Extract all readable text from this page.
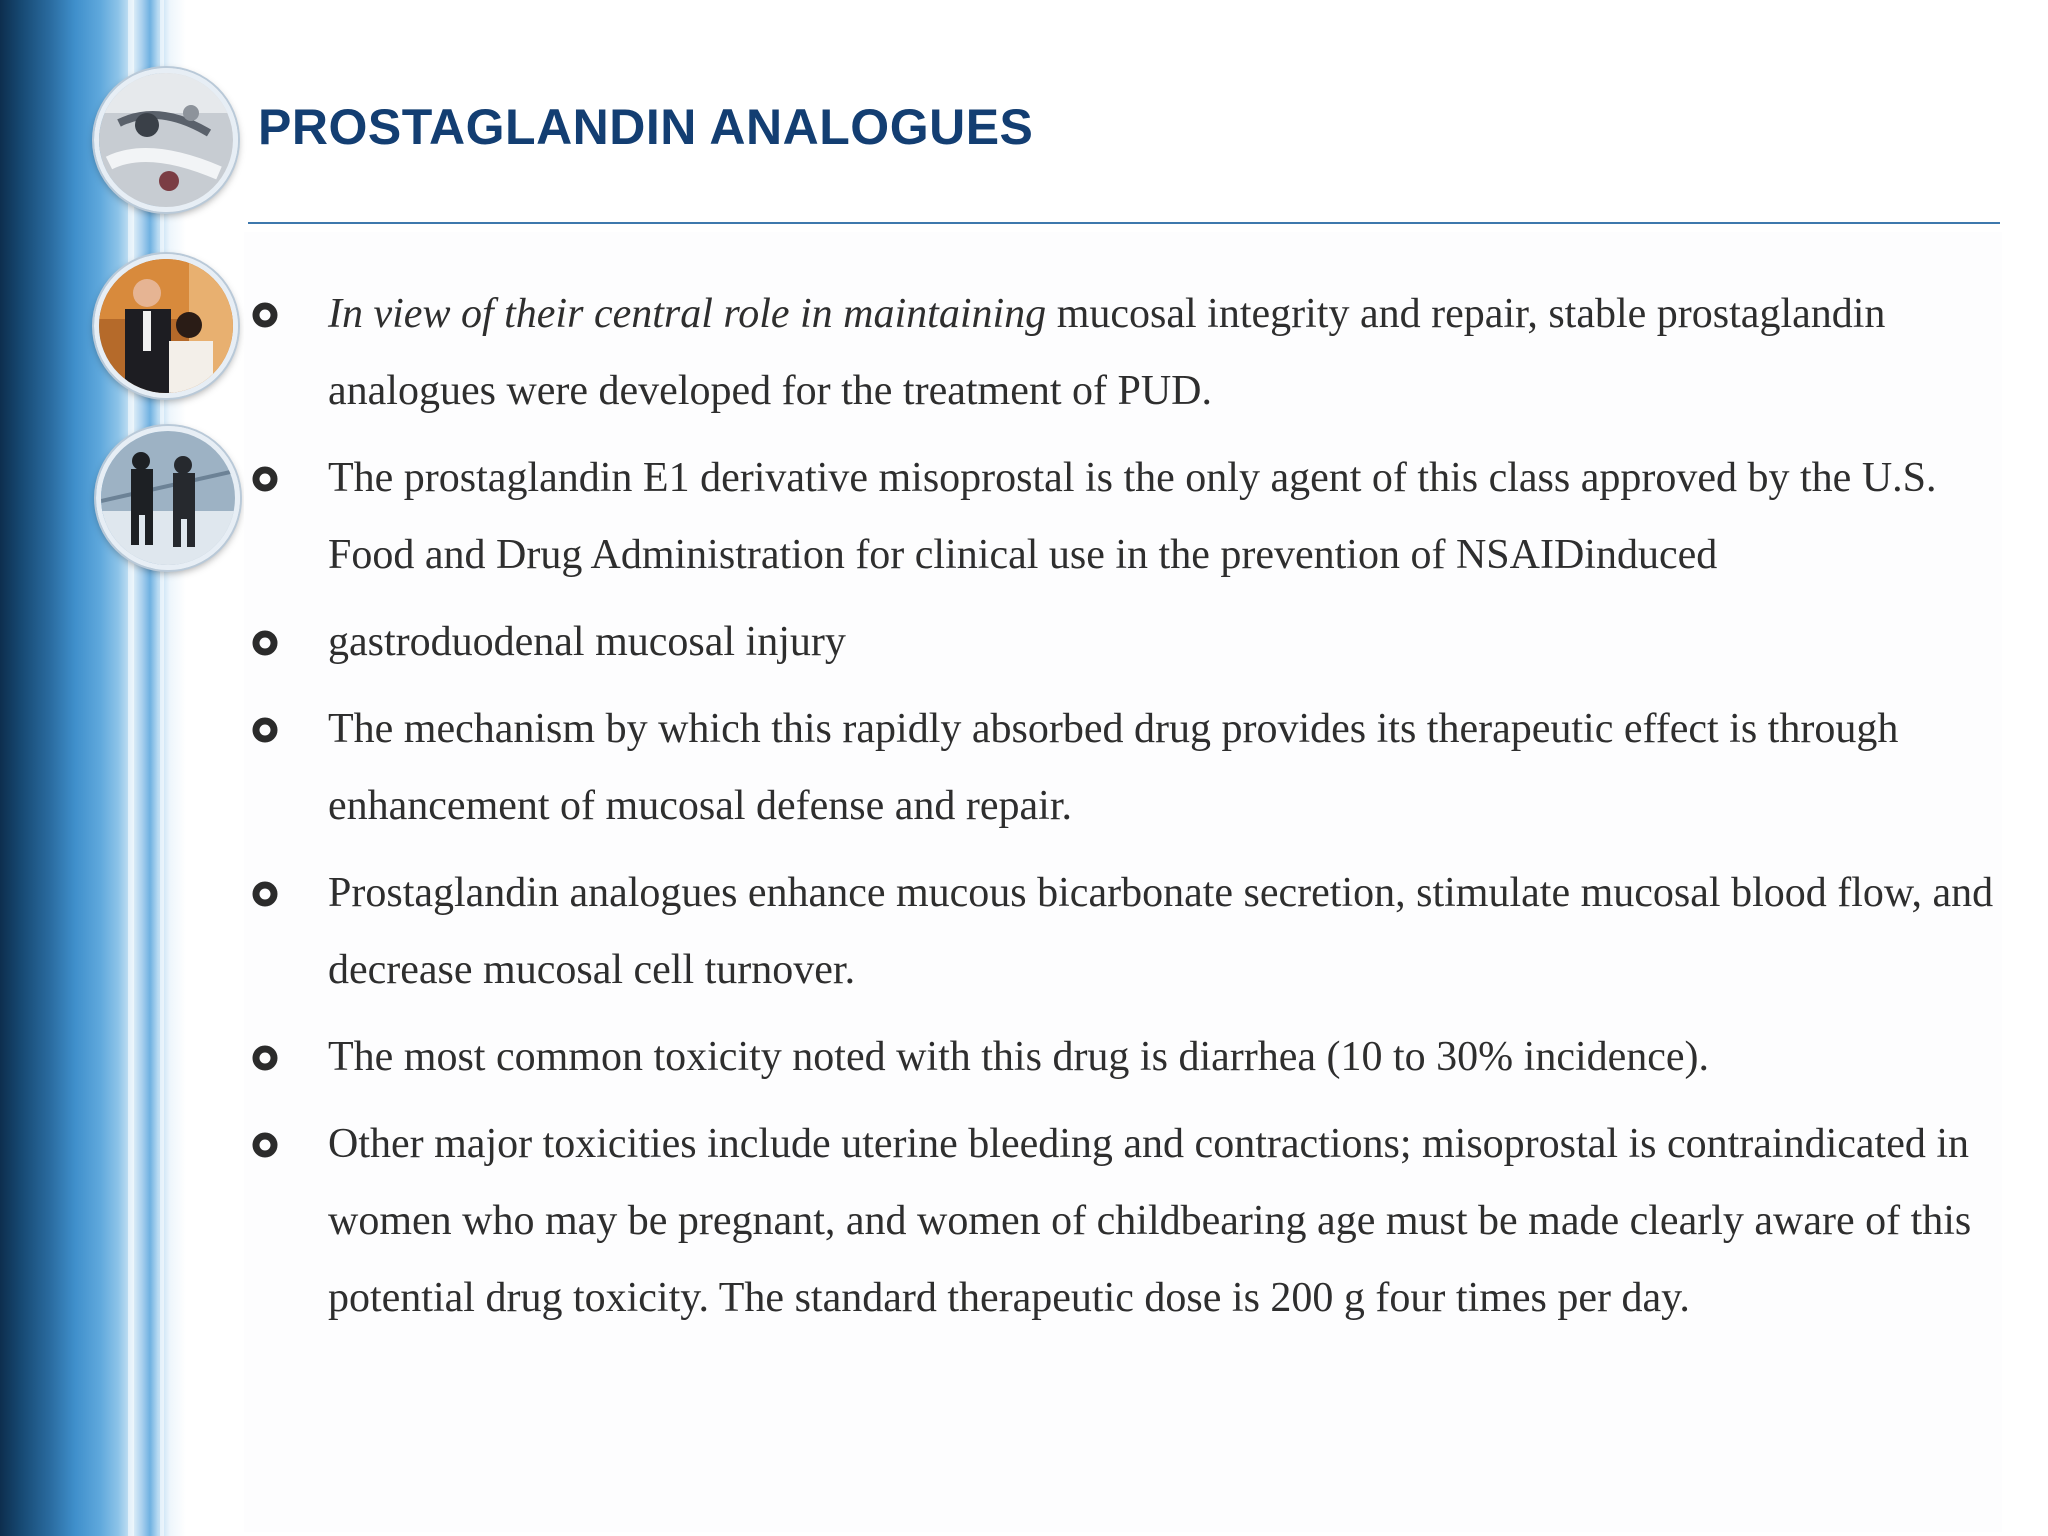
PROSTAGLANDIN ANALOGUES
In view of their central role in maintaining mucosal integrity and repair, stable prostaglandin analogues were developed for the treatment of PUD.
The prostaglandin E1 derivative misoprostal is the only agent of this class approved by the U.S. Food and Drug Administration for clinical use in the prevention of NSAIDinduced
gastroduodenal mucosal injury
The mechanism by which this rapidly absorbed drug provides its therapeutic effect is through enhancement of mucosal defense and repair.
Prostaglandin analogues enhance mucous bicarbonate secretion, stimulate mucosal blood flow, and decrease mucosal cell turnover.
The most common toxicity noted with this drug is diarrhea (10 to 30% incidence).
Other major toxicities include uterine bleeding and contractions; misoprostal is contraindicated in women who may be pregnant, and women of childbearing age must be made clearly aware of this potential drug toxicity. The standard therapeutic dose is 200 g four times per day.
